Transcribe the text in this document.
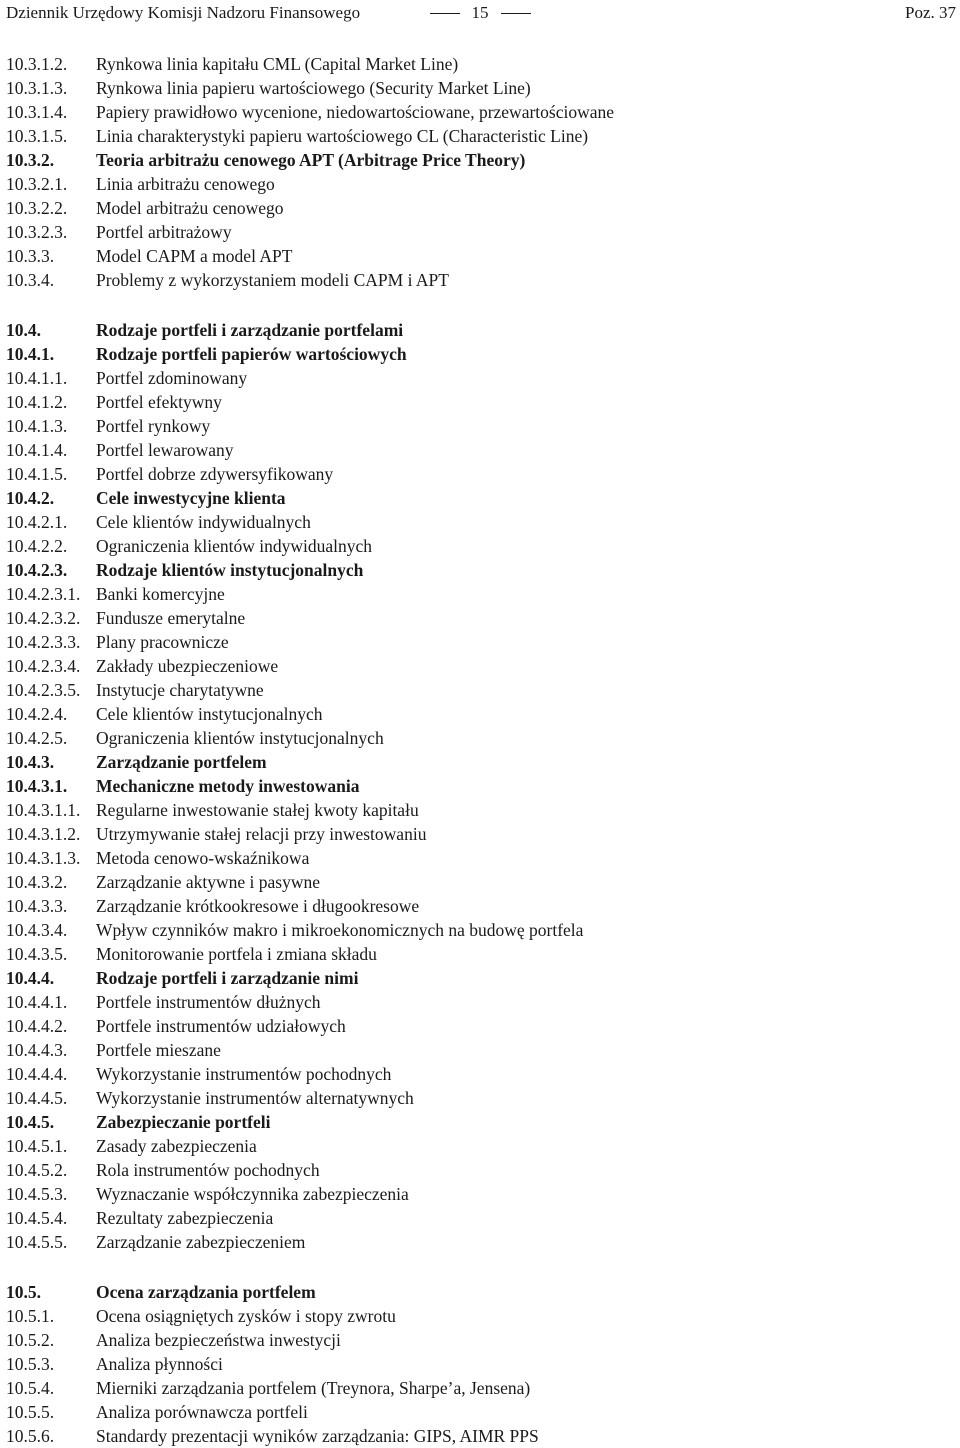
Dziennik Urzędowy Komisji Nadzoru Finansowego	15	Poz. 37
10.3.1.2. Rynkowa linia kapitału CML (Capital Market Line)
10.3.1.3. Rynkowa linia papieru wartościowego (Security Market Line)
10.3.1.4. Papiery prawidłowo wycenione, niedowartościowane, przewartościowane
10.3.1.5. Linia charakterystyki papieru wartościowego CL (Characteristic Line)
10.3.2. Teoria arbitrażu cenowego APT (Arbitrage Price Theory)
10.3.2.1. Linia arbitrażu cenowego
10.3.2.2. Model arbitrażu cenowego
10.3.2.3. Portfel arbitrażowy
10.3.3. Model CAPM a model APT
10.3.4. Problemy z wykorzystaniem modeli CAPM i APT
10.4.	Rodzaje portfeli i zarządzanie portfelami
10.4.1. Rodzaje portfeli papierów wartościowych
10.4.1.1. Portfel zdominowany
10.4.1.2. Portfel efektywny
10.4.1.3. Portfel rynkowy
10.4.1.4. Portfel lewarowany
10.4.1.5. Portfel dobrze zdywersyfikowany
10.4.2. Cele inwestycyjne klienta
10.4.2.1. Cele klientów indywidualnych
10.4.2.2. Ograniczenia klientów indywidualnych
10.4.2.3. Rodzaje klientów instytucjonalnych
10.4.2.3.1. Banki komercyjne
10.4.2.3.2. Fundusze emerytalne
10.4.2.3.3. Plany pracownicze
10.4.2.3.4. Zakłady ubezpieczeniowe
10.4.2.3.5. Instytucje charytatywne
10.4.2.4. Cele klientów instytucjonalnych
10.4.2.5. Ograniczenia klientów instytucjonalnych
10.4.3. Zarządzanie portfelem
10.4.3.1. Mechaniczne metody inwestowania
10.4.3.1.1. Regularne inwestowanie stałej kwoty kapitału
10.4.3.1.2. Utrzymywanie stałej relacji przy inwestowaniu
10.4.3.1.3. Metoda cenowo-wskaźnikowa
10.4.3.2. Zarządzanie aktywne i pasywne
10.4.3.3. Zarządzanie krótkookresowe i długookresowe
10.4.3.4. Wpływ czynników makro i mikroekonomicznych na budowę portfela
10.4.3.5. Monitorowanie portfela i zmiana składu
10.4.4. Rodzaje portfeli i zarządzanie nimi
10.4.4.1. Portfele instrumentów dłużnych
10.4.4.2. Portfele instrumentów udziałowych
10.4.4.3. Portfele mieszane
10.4.4.4. Wykorzystanie instrumentów pochodnych
10.4.4.5. Wykorzystanie instrumentów alternatywnych
10.4.5. Zabezpieczanie portfeli
10.4.5.1. Zasady zabezpieczenia
10.4.5.2. Rola instrumentów pochodnych
10.4.5.3. Wyznaczanie współczynnika zabezpieczenia
10.4.5.4. Rezultaty zabezpieczenia
10.4.5.5. Zarządzanie zabezpieczeniem
10.5.	Ocena zarządzania portfelem
10.5.1. Ocena osiągniętych zysków i stopy zwrotu
10.5.2. Analiza bezpieczeństwa inwestycji
10.5.3. Analiza płynności
10.5.4. Mierniki zarządzania portfelem (Treynora, Sharpe’a, Jensena)
10.5.5. Analiza porównawcza portfeli
10.5.6. Standardy prezentacji wyników zarządzania: GIPS, AIMR PPS
